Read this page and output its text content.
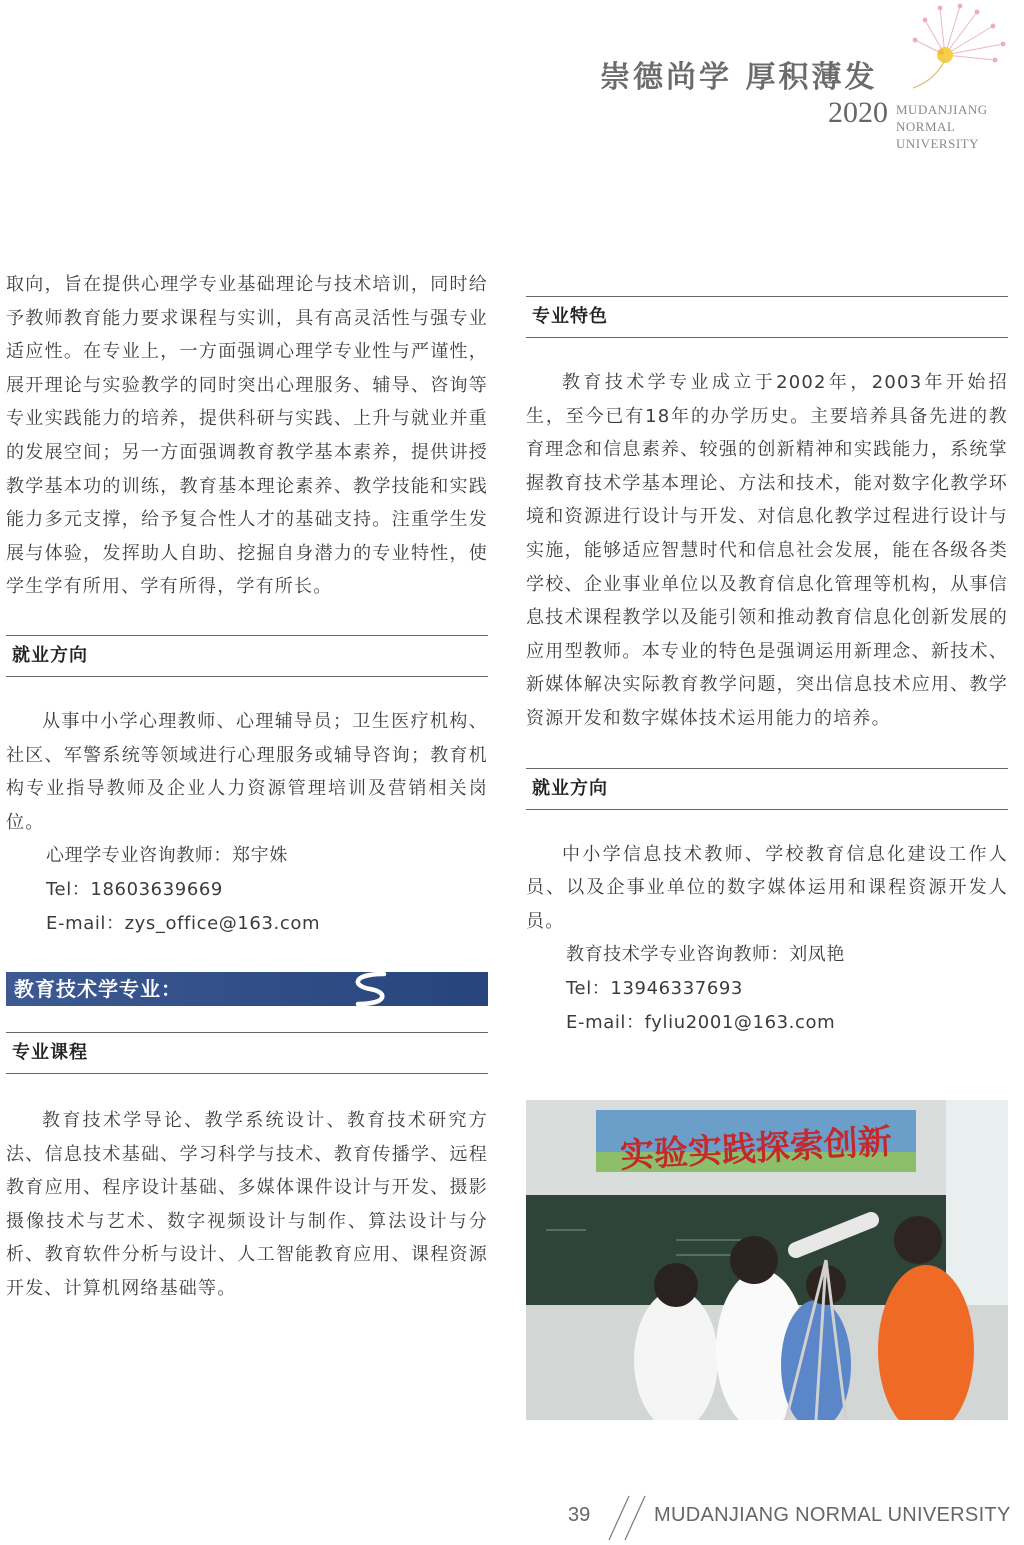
崇德尚学 厚积薄发
2020 MUDANJIANG
NORMAL
UNIVERSITY

取向，旨在提供心理学专业基础理论与技术培训，同时给予教师教育能力要求课程与实训，具有高灵活性与强专业适应性。在专业上，一方面强调心理学专业性与严谨性，展开理论与实验教学的同时突出心理服务、辅导、咨询等专业实践能力的培养，提供科研与实践、上升与就业并重的发展空间；另一方面强调教育教学基本素养，提供讲授教学基本功的训练，教育基本理论素养、教学技能和实践能力多元支撑，给予复合性人才的基础支持。注重学生发展与体验，发挥助人自助、挖掘自身潜力的专业特性，使学生学有所用、学有所得，学有所长。

就业方向

从事中小学心理教师、心理辅导员；卫生医疗机构、社区、军警系统等领域进行心理服务或辅导咨询；教育机构专业指导教师及企业人力资源管理培训及营销相关岗位。

心理学专业咨询教师：郑宇姝

Tel：18603639669

E-mail：zys_office@163.com

教育技术学专业：
专业课程

教育技术学导论、教学系统设计、教育技术研究方法、信息技术基础、学习科学与技术、教育传播学、远程教育应用、程序设计基础、多媒体课件设计与开发、摄影摄像技术与艺术、数字视频设计与制作、算法设计与分析、教育软件分析与设计、人工智能教育应用、课程资源开发、计算机网络基础等。

专业特色

教育技术学专业成立于2002年，2003年开始招生，至今已有18年的办学历史。主要培养具备先进的教育理念和信息素养、较强的创新精神和实践能力，系统掌握教育技术学基本理论、方法和技术，能对数字化教学环境和资源进行设计与开发、对信息化教学过程进行设计与实施，能够适应智慧时代和信息社会发展，能在各级各类学校、企业事业单位以及教育信息化管理等机构，从事信息技术课程教学以及能引领和推动教育信息化创新发展的应用型教师。本专业的特色是强调运用新理念、新技术、新媒体解决实际教育教学问题，突出信息技术应用、教学资源开发和数字媒体技术运用能力的培养。

就业方向

中小学信息技术教师、学校教育信息化建设工作人员、以及企事业单位的数字媒体运用和课程资源开发人员。

教育技术学专业咨询教师：刘凤艳

Tel：13946337693

E-mail：fyliu2001@163.com

实验实践探索创新
39	MUDANJIANG NORMAL UNIVERSITY
